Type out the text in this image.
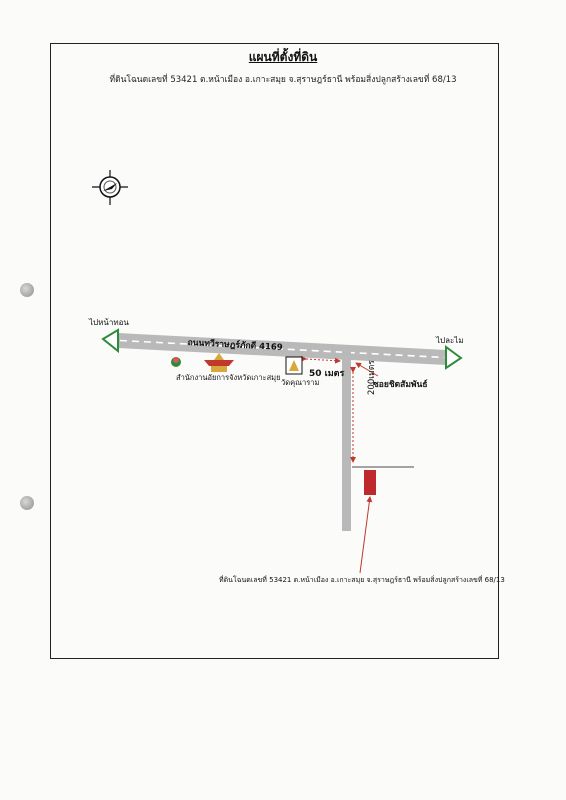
แผนที่ตั้งที่ดิน
ที่ดินโฉนดเลขที่ 53421 ต.หน้าเมือง อ.เกาะสมุย จ.สุราษฎร์ธานี พร้อมสิ่งปลูกสร้างเลขที่ 68/13
ไปหน้าทอน
ไปละไม
ถนนทวีราษฎร์ภักดี 4169
ซอยชิดสัมพันธ์
สำนักงานอัยการจังหวัดเกาะสมุย
วัดคุณาราม
50 เมตร	200เมตร
ที่ดินโฉนดเลขที่ 53421 ต.หน้าเมือง อ.เกาะสมุย จ.สุราษฎร์ธานี พร้อมสิ่งปลูกสร้างเลขที่ 68/13
